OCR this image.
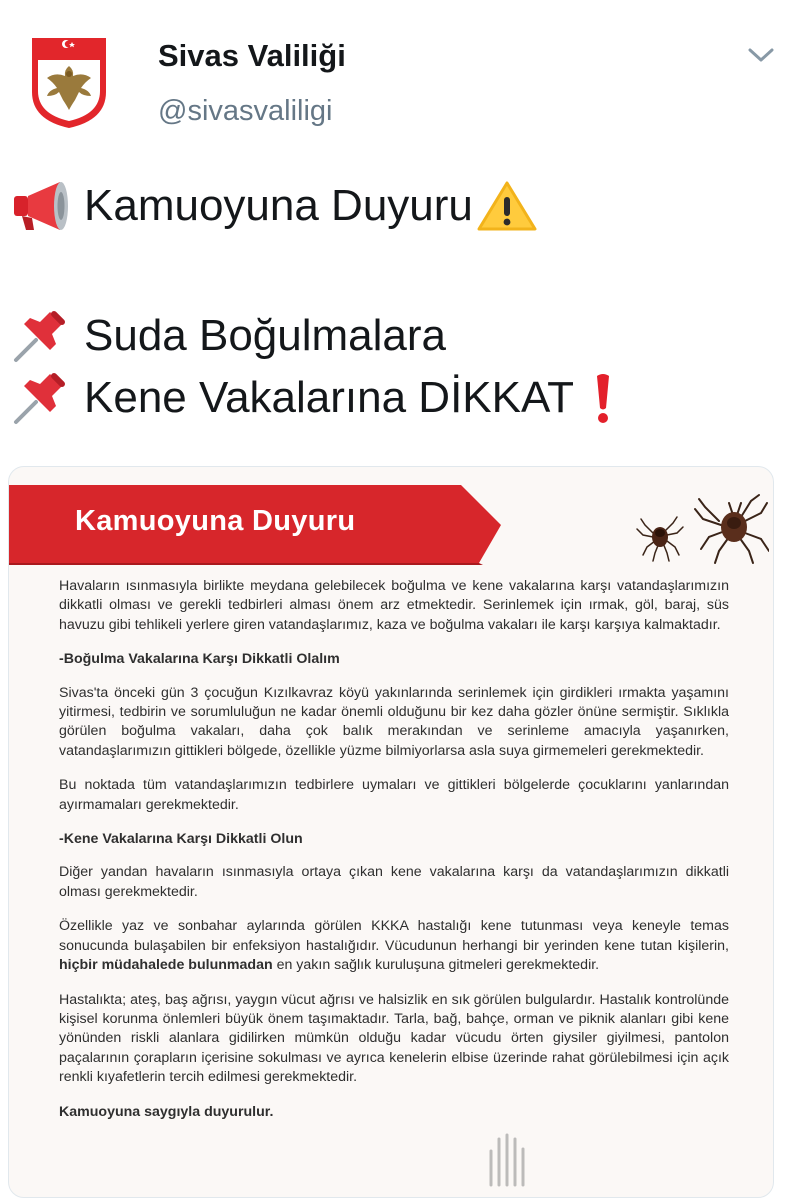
Sivas Valiliği
@sivasvaliligi
Kamuoyuna Duyuru
Suda Boğulmalara
Kene Vakalarına DİKKAT
Kamuoyuna Duyuru

Havaların ısınmasıyla birlikte meydana gelebilecek boğulma ve kene vakalarına karşı vatandaşlarımızın dikkatli olması ve gerekli tedbirleri alması önem arz etmektedir. Serinlemek için ırmak, göl, baraj, süs havuzu gibi tehlikeli yerlere giren vatandaşlarımız, kaza ve boğulma vakaları ile karşı karşıya kalmaktadır.

-Boğulma Vakalarına Karşı Dikkatli Olalım

Sivas'ta önceki gün 3 çocuğun Kızılkavraz köyü yakınlarında serinlemek için girdikleri ırmakta yaşamını yitirmesi, tedbirin ve sorumluluğun ne kadar önemli olduğunu bir kez daha gözler önüne sermiştir. Sıklıkla görülen boğulma vakaları, daha çok balık merakından ve serinleme amacıyla yaşanırken, vatandaşlarımızın gittikleri bölgede, özellikle yüzme bilmiyorlarsa asla suya girmemeleri gerekmektedir.

Bu noktada tüm vatandaşlarımızın tedbirlere uymaları ve gittikleri bölgelerde çocuklarını yanlarından ayırmamaları gerekmektedir.

-Kene Vakalarına Karşı Dikkatli Olun

Diğer yandan havaların ısınmasıyla ortaya çıkan kene vakalarına karşı da vatandaşlarımızın dikkatli olması gerekmektedir.

Özellikle yaz ve sonbahar aylarında görülen KKKA hastalığı kene tutunması veya keneyle temas sonucunda bulaşabilen bir enfeksiyon hastalığıdır. Vücudunun herhangi bir yerinden kene tutan kişilerin, hiçbir müdahalede bulunmadan en yakın sağlık kuruluşuna gitmeleri gerekmektedir.

Hastalıkta; ateş, baş ağrısı, yaygın vücut ağrısı ve halsizlik en sık görülen bulgulardır. Hastalık kontrolünde kişisel korunma önlemleri büyük önem taşımaktadır. Tarla, bağ, bahçe, orman ve piknik alanları gibi kene yönünden riskli alanlara gidilirken mümkün olduğu kadar vücudu örten giysiler giyilmesi, pantolon paçalarının çorapların içerisine sokulması ve ayrıca kenelerin elbise üzerinde rahat görülebilmesi için açık renkli kıyafetlerin tercih edilmesi gerekmektedir.

Kamuoyuna saygıyla duyurulur.
